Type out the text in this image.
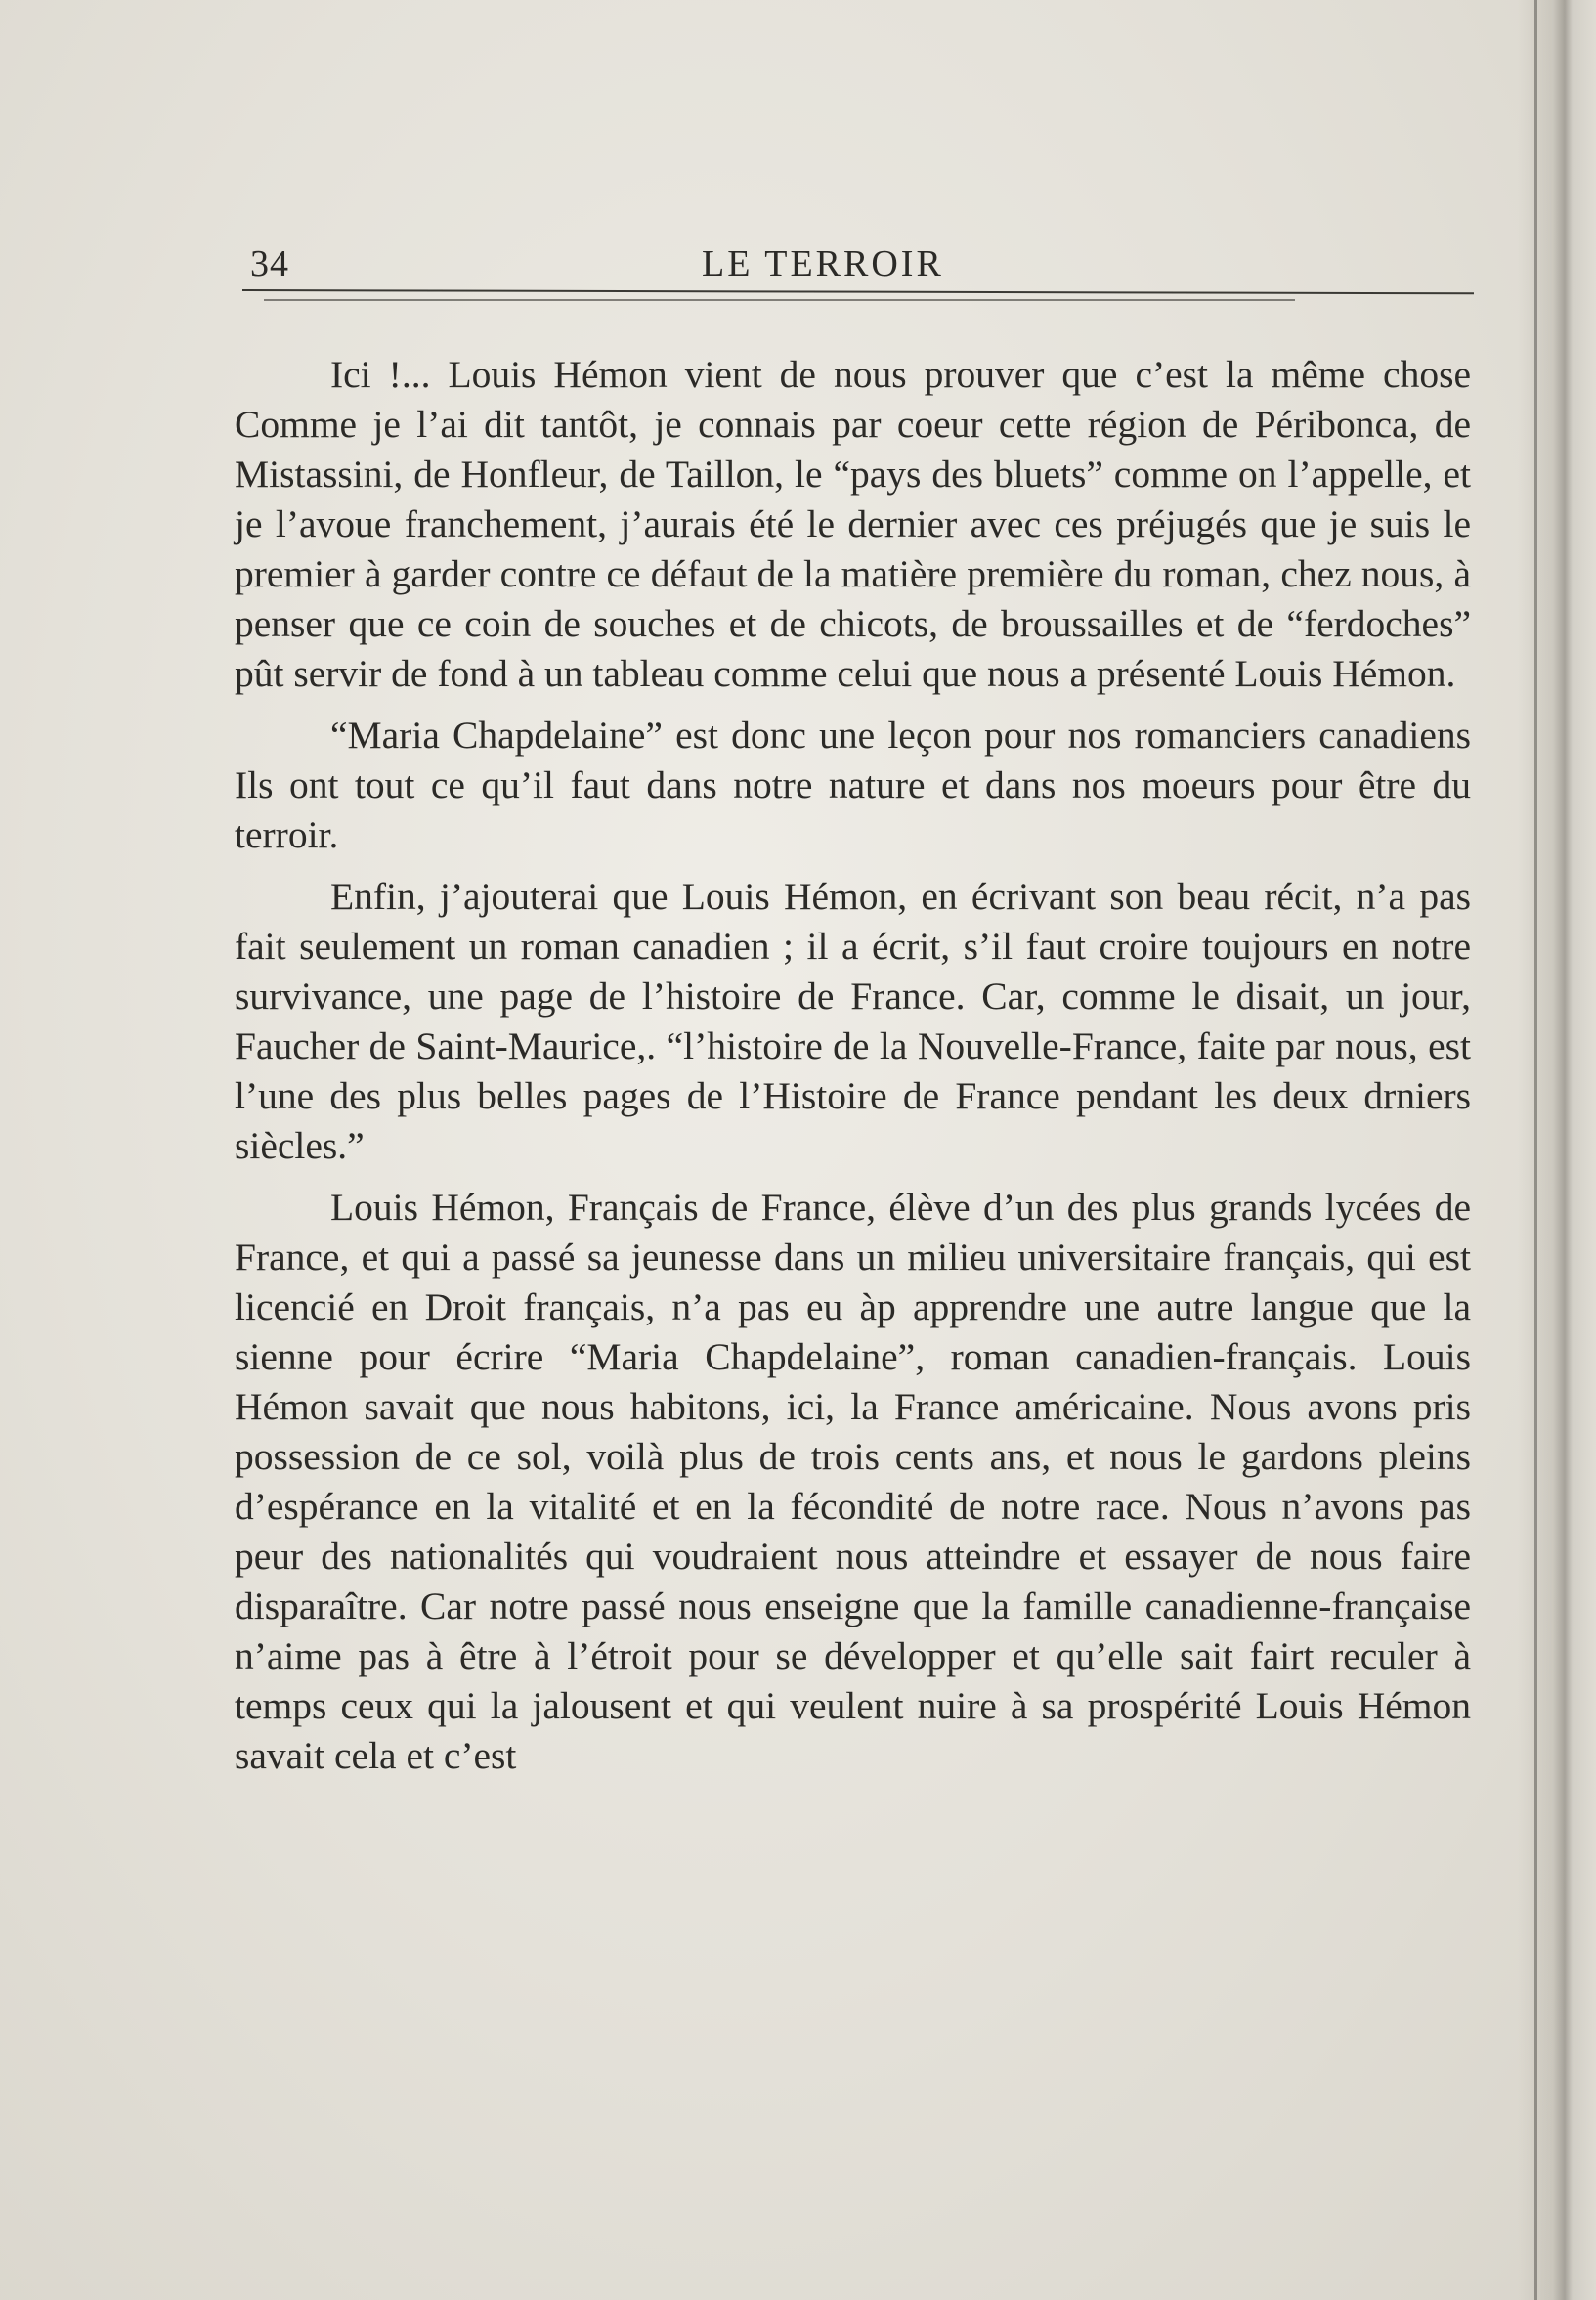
34	LE TERROIR

Ici !... Louis Hémon vient de nous prouver que c’est la même chose Comme je l’ai dit tantôt, je connais par coeur cette région de Péribonca, de Mistassini, de Honfleur, de Taillon, le “pays des bluets” comme on l’appelle, et je l’avoue franchement, j’aurais été le dernier avec ces préjugés que je suis le premier à garder contre ce défaut de la matière première du roman, chez nous, à penser que ce coin de souches et de chicots, de broussailles et de “ferdoches” pût servir de fond à un tableau comme celui que nous a présenté Louis Hémon.

“Maria Chapdelaine” est donc une leçon pour nos romanciers canadiens Ils ont tout ce qu’il faut dans notre nature et dans nos moeurs pour être du terroir.

Enfin, j’ajouterai que Louis Hémon, en écrivant son beau récit, n’a pas fait seulement un roman canadien ; il a écrit, s’il faut croire toujours en notre survivance, une page de l’histoire de France. Car, comme le disait, un jour, Faucher de Saint-Maurice,. “l’histoire de la Nouvelle-France, faite par nous, est l’une des plus belles pages de l’Histoire de France pendant les deux drniers siècles.”

Louis Hémon, Français de France, élève d’un des plus grands lycées de France, et qui a passé sa jeunesse dans un milieu universitaire français, qui est licencié en Droit français, n’a pas eu àp apprendre une autre langue que la sienne pour écrire “Maria Chapdelaine”, roman canadien-français. Louis Hémon savait que nous habitons, ici, la France américaine. Nous avons pris possession de ce sol, voilà plus de trois cents ans, et nous le gardons pleins d’espérance en la vitalité et en la fécondité de notre race. Nous n’avons pas peur des nationalités qui voudraient nous atteindre et essayer de nous faire disparaître. Car notre passé nous enseigne que la famille canadienne-française n’aime pas à être à l’étroit pour se développer et qu’elle sait fairt reculer à temps ceux qui la jalousent et qui veulent nuire à sa prospérité Louis Hémon savait cela et c’est
